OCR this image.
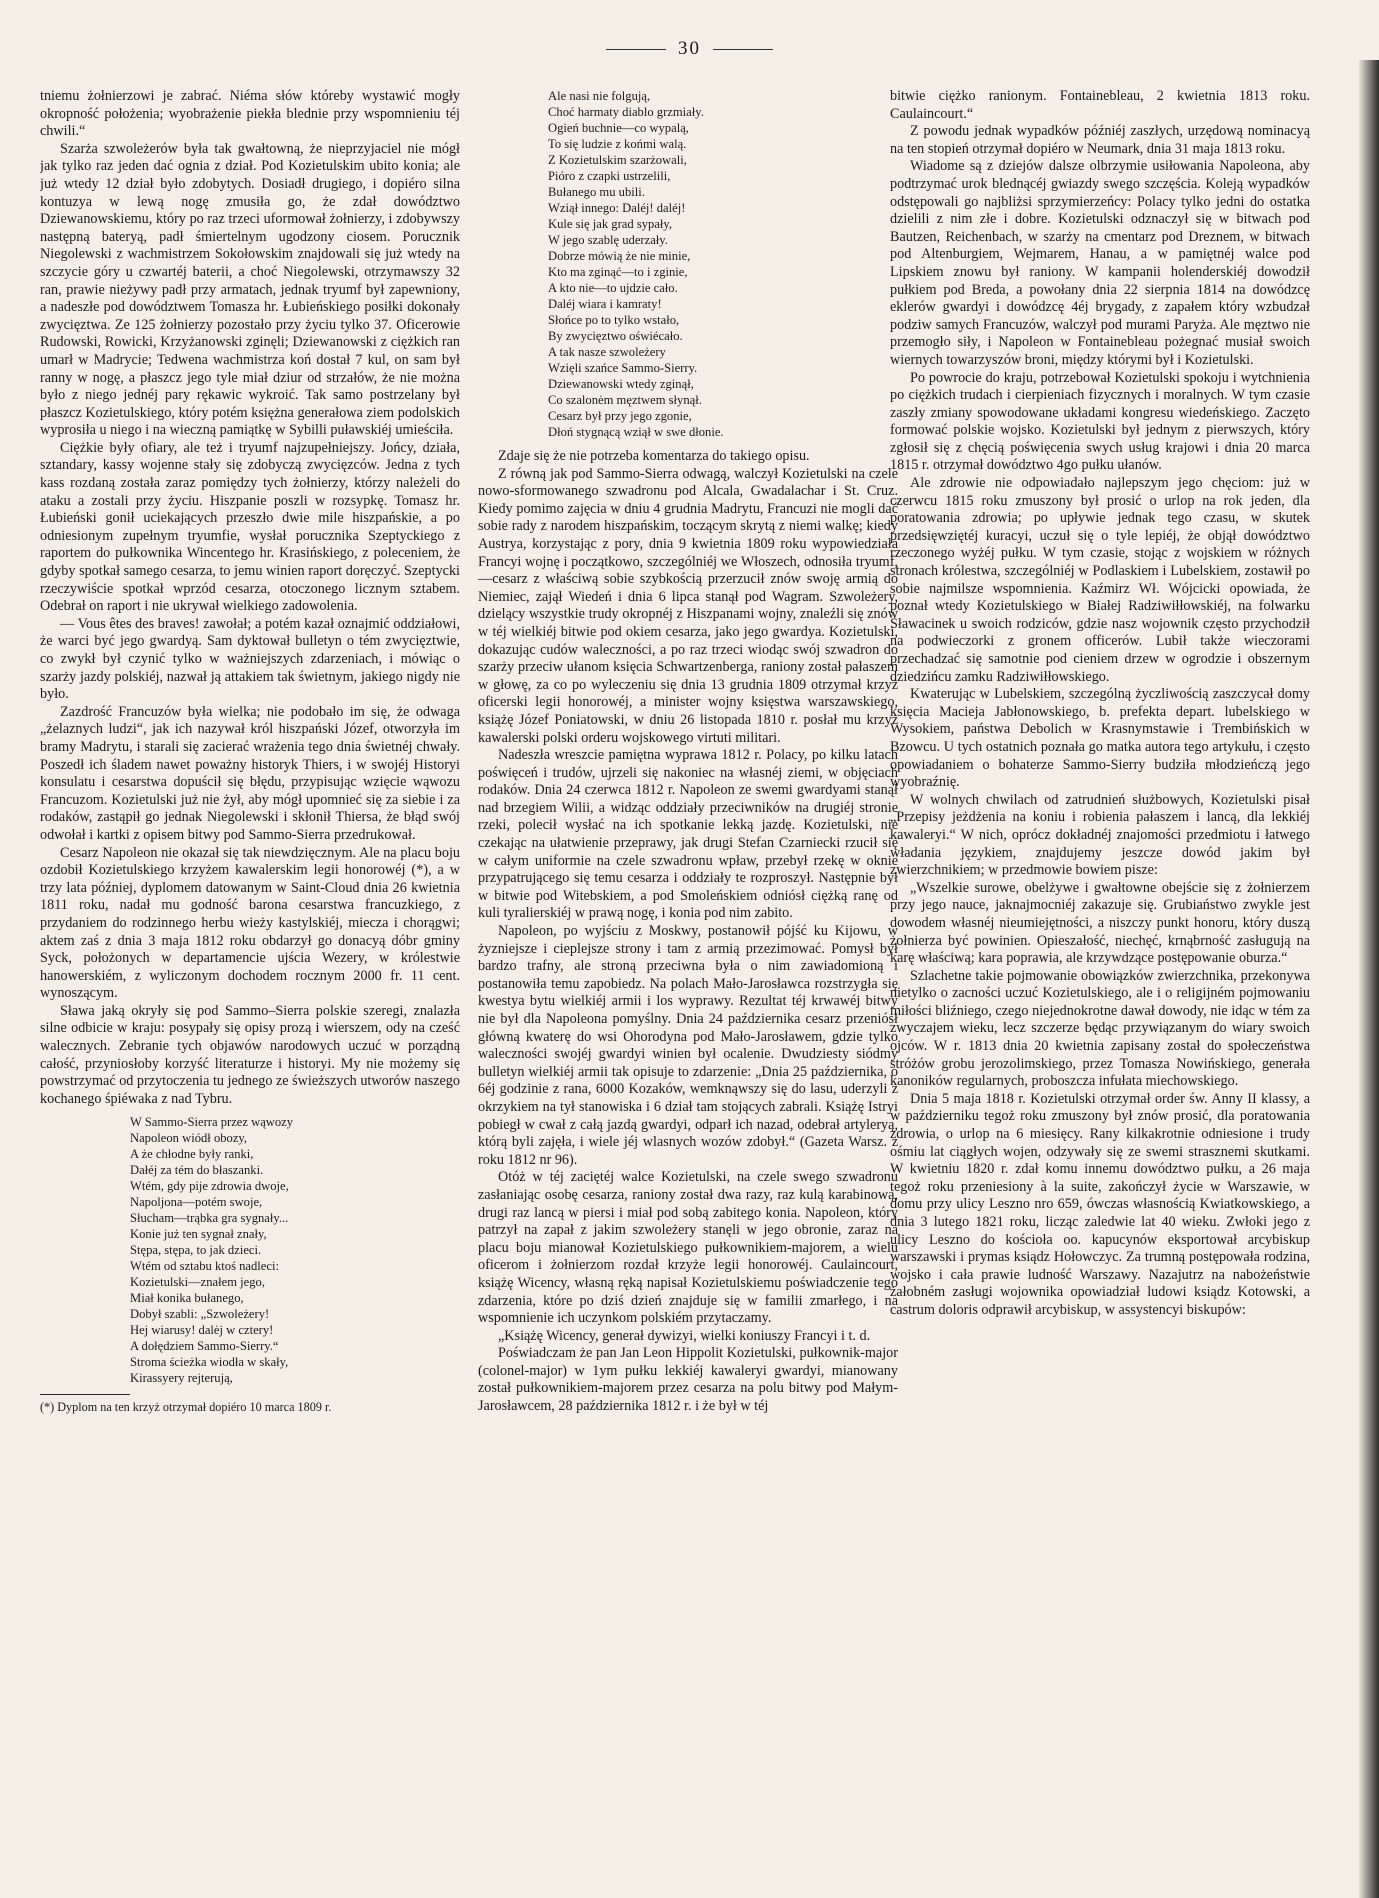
30

tniemu żołnierzowi je zabrać. Niéma słów któreby wystawić mogły okropność położenia; wyobrażenie piekła blednie przy wspomnieniu téj chwili.“

Szarża szwoleżerów była tak gwałtowną, że nieprzyjaciel nie mógł jak tylko raz jeden dać ognia z dział. Pod Kozietulskim ubito konia; ale już wtedy 12 dział było zdobytych. Dosiadł drugiego, i dopiéro silna kontuzya w lewą nogę zmusiła go, że zdał dowództwo Dziewanowskiemu, który po raz trzeci uformował żołnierzy, i zdobywszy następną bateryą, padł śmiertelnym ugodzony ciosem. Porucznik Niegolewski z wachmistrzem Sokołowskim znajdowali się już wtedy na szczycie góry u czwartéj baterii, a choć Niegolewski, otrzymawszy 32 ran, prawie nieżywy padł przy armatach, jednak tryumf był zapewniony, a nadeszłe pod dowództwem Tomasza hr. Łubieńskiego posiłki dokonały zwycięztwa. Ze 125 żołnierzy pozostało przy życiu tylko 37. Oficerowie Rudowski, Rowicki, Krzyżanowski zginęli; Dziewanowski z ciężkich ran umarł w Madrycie; Tedwena wachmistrza koń dostał 7 kul, on sam był ranny w nogę, a płaszcz jego tyle miał dziur od strzałów, że nie można było z niego jednéj pary rękawic wykroić. Tak samo postrzelany był płaszcz Kozietulskiego, który potém księżna generałowa ziem podolskich wyprosiła u niego i na wieczną pamiątkę w Sybilli puławskiéj umieściła.

Ciężkie były ofiary, ale też i tryumf najzupełniejszy. Jońcy, działa, sztandary, kassy wojenne stały się zdobyczą zwycięzców. Jedna z tych kass rozdaną została zaraz pomiędzy tych żołnierzy, którzy należeli do ataku a zostali przy życiu. Hiszpanie poszli w rozsypkę. Tomasz hr. Łubieński gonił uciekających przeszło dwie mile hiszpańskie, a po odniesionym zupełnym tryumfie, wysłał porucznika Szeptyckiego z raportem do pułkownika Wincentego hr. Krasińskiego, z poleceniem, że gdyby spotkał samego cesarza, to jemu winien raport doręczyć. Szeptycki rzeczywiście spotkał wprzód cesarza, otoczonego licznym sztabem. Odebrał on raport i nie ukrywał wielkiego zadowolenia.

— Vous êtes des braves! zawołał; a potém kazał oznajmić oddziałowi, że warci być jego gwardyą. Sam dyktował bulletyn o tém zwycięztwie, co zwykł był czynić tylko w ważniejszych zdarzeniach, i mówiąc o szarży jazdy polskiéj, nazwał ją attakiem tak świetnym, jakiego nigdy nie było.

Zazdrość Francuzów była wielka; nie podobało im się, że odwaga „żelaznych ludzi“, jak ich nazywał król hiszpański Józef, otworzyła im bramy Madrytu, i starali się zacierać wrażenia tego dnia świetnéj chwały. Poszedł ich śladem nawet poważny historyk Thiers, i w swojéj Historyi konsulatu i cesarstwa dopuścił się błędu, przypisując wzięcie wąwozu Francuzom. Kozietulski już nie żył, aby mógł upomnieć się za siebie i za rodaków, zastąpił go jednak Niegolewski i skłonił Thiersa, że błąd swój odwołał i kartki z opisem bitwy pod Sammo-Sierra przedrukował.

Cesarz Napoleon nie okazał się tak niewdzięcznym. Ale na placu boju ozdobił Kozietulskiego krzyżem kawalerskim legii honorowéj (*), a w trzy lata później, dyplomem datowanym w Saint-Cloud dnia 26 kwietnia 1811 roku, nadał mu godność barona cesarstwa francuzkiego, z przydaniem do rodzinnego herbu wieży kastylskiéj, miecza i chorągwi; aktem zaś z dnia 3 maja 1812 roku obdarzył go donacyą dóbr gminy Syck, położonych w departamencie ujścia Wezery, w królestwie hanowerskiém, z wyliczonym dochodem rocznym 2000 fr. 11 cent. wynoszącym.

Sława jaką okryły się pod Sammo–Sierra polskie szeregi, znalazła silne odbicie w kraju: posypały się opisy prozą i wierszem, ody na cześć walecznych. Zebranie tych objawów narodowych uczuć w porządną całość, przyniosłoby korzyść literaturze i historyi. My nie możemy się powstrzymać od przytoczenia tu jednego ze świeższych utworów naszego kochanego śpiéwaka z nad Tybru.

W Sammo-Sierra przez wąwozy
Napoleon wiódł obozy,
A że chłodne były ranki,
Dałéj za tém do błaszanki.
Wtém, gdy pije zdrowia dwoje,
Napoljona—potém swoje,
Słucham—trąbka gra sygnały...
Konie już ten sygnał znały,
Stępa, stępa, to jak dzieci.
Wtém od sztabu ktoś nadleci:
Kozietulski—znałem jego,
Miał konika bułanego,
Dobył szabli: „Szwoleżery!
Hej wiarusy! dalėj w cztery!
A dołędziem Sammo-Sierry.“
Stroma ścieżka wiodła w skały,
Kirassyery rejterują,

(*) Dyplom na ten krzyż otrzymał dopiéro 10 marca 1809 r.

Ale nasi nie folgują,
Choć harmaty diablo grzmiały.
Ogień buchnie—co wypalą,
To się ludzie z końmi walą.
Z Kozietulskim szarżowali,
Pióro z czapki ustrzelili,
Bułanego mu ubili.
Wziął innego: Daléj! daléj!
Kule się jak grad sypały,
W jego szablę uderzały.
Dobrze mówią że nie minie,
Kto ma zginąć—to i zginie,
A kto nie—to ujdzie cało.
Daléj wiara i kamraty!
Słońce po to tylko wstało,
By zwycięztwo oświécało.
A tak nasze szwoleżery
Wzięli szańce Sammo-Sierry.
Dziewanowski wtedy zginął,
Co szalonėm męztwem słynął.
Cesarz był przy jego zgonie,
Dłoń stygnącą wziął w swe dłonie.

Zdaje się że nie potrzeba komentarza do takiego opisu.

Z równą jak pod Sammo-Sierra odwagą, walczył Kozietulski na czele nowo-sformowanego szwadronu pod Alcala, Gwadalachar i St. Cruz. Kiedy pomimo zajęcia w dniu 4 grudnia Madrytu, Francuzi nie mogli dać sobie rady z narodem hiszpańskim, toczącym skrytą z niemi walkę; kiedy Austrya, korzystając z pory, dnia 9 kwietnia 1809 roku wypowiedziała Francyi wojnę i początkowo, szczególniéj we Włoszech, odnosiła tryumf,—cesarz z właściwą sobie szybkością przerzucił znów swoję armią do Niemiec, zajął Wiedeń i dnia 6 lipca stanął pod Wagram. Szwoleżery, dzielący wszystkie trudy okropnéj z Hiszpanami wojny, znaleźli się znów w téj wielkiéj bitwie pod okiem cesarza, jako jego gwardya. Kozietulski, dokazując cudów waleczności, a po raz trzeci wiodąc swój szwadron do szarży przeciw ułanom księcia Schwartzenberga, raniony został pałaszem w głowę, za co po wyleczeniu się dnia 13 grudnia 1809 otrzymał krzyż oficerski legii honorowéj, a minister wojny księstwa warszawskiego, książę Józef Poniatowski, w dniu 26 listopada 1810 r. posłał mu krzyż kawalerski polski orderu wojskowego virtuti militari.

Nadeszła wreszcie pamiętna wyprawa 1812 r. Polacy, po kilku latach poświęceń i trudów, ujrzeli się nakoniec na własnéj ziemi, w objęciach rodaków. Dnia 24 czerwca 1812 r. Napoleon ze swemi gwardyami stanął nad brzegiem Wilii, a widząc oddziały przeciwników na drugiéj stronie rzeki, polecił wysłać na ich spotkanie lekką jazdę. Kozietulski, nie czekając na ułatwienie przeprawy, jak drugi Stefan Czarniecki rzucił się w całym uniformie na czele szwadronu wpław, przebył rzekę w oknie przypatrującego się temu cesarza i oddziały te rozproszył. Następnie był w bitwie pod Witebskiem, a pod Smoleńskiem odniósł ciężką ranę od kuli tyralierskiéj w prawą nogę, i konia pod nim zabito.

Napoleon, po wyjściu z Moskwy, postanowił pójść ku Kijowu, w żyzniejsze i cieplejsze strony i tam z armią przezimować. Pomysł był bardzo trafny, ale stroną przeciwna była o nim zawiadomioną i postanowiła temu zapobiedz. Na polach Mało-Jarosławca rozstrzygła się kwestya bytu wielkiéj armii i los wyprawy. Rezultat téj krwawéj bitwy nie był dla Napoleona pomyślny. Dnia 24 października cesarz przeniósł główną kwaterę do wsi Ohorodyna pod Mało-Jarosławem, gdzie tylko waleczności swojéj gwardyi winien był ocalenie. Dwudziesty siódmy bulletyn wielkiéj armii tak opisuje to zdarzenie: „Dnia 25 października, o 6éj godzinie z rana, 6000 Kozaków, wemknąwszy się do lasu, uderzyli z okrzykiem na tył stanowiska i 6 dział tam stojących zabrali. Książę Istryi pobiegł w cwał z całą jazdą gwardyi, odparł ich nazad, odebrał artyleryą, którą byli zajęła, i wiele jéj wlasnych wozów zdobył.“ (Gazeta Warsz. z roku 1812 nr 96).

Otóż w téj zaciętéj walce Kozietulski, na czele swego szwadronu zasłaniając osobę cesarza, raniony został dwa razy, raz kulą karabinową, drugi raz lancą w piersi i miał pod sobą zabitego konia. Napoleon, który patrzył na zapał z jakim szwoleżery stanęli w jego obronie, zaraz na placu boju mianował Kozietulskiego pułkownikiem-majorem, a wielu oficerom i żołnierzom rozdał krzyże legii honorowéj. Caulaincourt, książę Wicency, własną ręką napisał Kozietulskiemu poświadczenie tego zdarzenia, które po dziś dzień znajduje się w familii zmarłego, i na wspomnienie ich uczynkom polskiém przytaczamy.

„Książę Wicency, generał dywizyi, wielki koniuszy Francyi i t. d.

Poświadczam że pan Jan Leon Hippolit Kozietulski, pułkownik-major (colonel-major) w 1ym pułku lekkiéj kawaleryi gwardyi, mianowany został pułkownikiem-majorem przez cesarza na polu bitwy pod Małym-Jarosławcem, 28 października 1812 r. i że był w téj

bitwie ciężko ranionym. Fontainebleau, 2 kwietnia 1813 roku. Caulaincourt.“

Z powodu jednak wypadków późniéj zaszłych, urzędową nominacyą na ten stopień otrzymał dopiéro w Neumark, dnia 31 maja 1813 roku.

Wiadome są z dziejów dalsze olbrzymie usiłowania Napoleona, aby podtrzymać urok blednącéj gwiazdy swego szczęścia. Koleją wypadków odstępowali go najbliżsi sprzymierzeńcy: Polacy tylko jedni do ostatka dzielili z nim złe i dobre. Kozietulski odznaczył się w bitwach pod Bautzen, Reichenbach, w szarży na cmentarz pod Dreznem, w bitwach pod Altenburgiem, Wejmarem, Hanau, a w pamiętnéj walce pod Lipskiem znowu był raniony. W kampanii holenderskiéj dowodził pułkiem pod Breda, a powołany dnia 22 sierpnia 1814 na dowódzcę eklerów gwardyi i dowódzcę 4éj brygady, z zapałem który wzbudzał podziw samych Francuzów, walczył pod murami Paryża. Ale męztwo nie przemogło siły, i Napoleon w Fontainebleau pożegnać musiał swoich wiernych towarzyszów broni, między którymi był i Kozietulski.

Po powrocie do kraju, potrzebował Kozietulski spokoju i wytchnienia po ciężkich trudach i cierpieniach fizycznych i moralnych. W tym czasie zaszły zmiany spowodowane układami kongresu wiedeńskiego. Zaczęto formować polskie wojsko. Kozietulski był jednym z pierwszych, który zgłosił się z chęcią poświęcenia swych usług krajowi i dnia 20 marca 1815 r. otrzymał dowództwo 4go pułku ułanów.

Ale zdrowie nie odpowiadało najlepszym jego chęciom: już w czerwcu 1815 roku zmuszony był prosić o urlop na rok jeden, dla poratowania zdrowia; po upływie jednak tego czasu, w skutek przedsięwziętéj kuracyi, uczuł się o tyle lepiéj, że objął dowództwo rzeczonego wyżéj pułku. W tym czasie, stojąc z wojskiem w różnych stronach królestwa, szczególniéj w Podlaskiem i Lubelskiem, zostawił po sobie najmilsze wspomnienia. Kaźmirz Wł. Wójcicki opowiada, że poznał wtedy Kozietulskiego w Białej Radziwiłłowskiéj, na folwarku Sławacinek u swoich rodziców, gdzie nasz wojownik często przychodził na podwieczorki z gronem officerów. Lubił także wieczorami przechadzać się samotnie pod cieniem drzew w ogrodzie i obszernym dziedzińcu zamku Radziwiłłowskiego.

Kwaterując w Lubelskiem, szczególną życzliwością zaszczycał domy księcia Macieja Jabłonowskiego, b. prefekta depart. lubelskiego w Wysokiem, państwa Debolich w Krasnymstawie i Trembińskich w Bzowcu. U tych ostatnich poznała go matka autora tego artykułu, i często opowiadaniem o bohaterze Sammo-Sierry budziła młodzieńczą jego wyobraźnię.

W wolnych chwilach od zatrudnień służbowych, Kozietulski pisał „Przepisy jeżdżenia na koniu i robienia pałaszem i lancą, dla lekkiéj kawaleryi.“ W nich, oprócz dokładnéj znajomości przedmiotu i łatwego władania językiem, znajdujemy jeszcze dowód jakim był zwierzchnikiem; w przedmowie bowiem pisze:

„Wszelkie surowe, obelżywe i gwałtowne obejście się z żołnierzem przy jego nauce, jaknajmocniéj zakazuje się. Grubiaństwo zwykle jest dowodem własnéj nieumiejętności, a niszczy punkt honoru, który duszą żołnierza być powinien. Opieszałość, niechęć, krnąbrność zasługują na karę właściwą; kara poprawia, ale krzywdzące postępowanie oburza.“

Szlachetne takie pojmowanie obowiązków zwierzchnika, przekonywa nietylko o zacności uczuć Kozietulskiego, ale i o religijném pojmowaniu miłości bliźniego, czego niejednokrotne dawał dowody, nie idąc w tém za zwyczajem wieku, lecz szczerze będąc przywiązanym do wiary swoich ojców. W r. 1813 dnia 20 kwietnia zapisany został do społeczeństwa stróżów grobu jerozolimskiego, przez Tomasza Nowińskiego, generała kanoników regularnych, proboszcza infułata miechowskiego.

Dnia 5 maja 1818 r. Kozietulski otrzymał order św. Anny II klassy, a w październiku tegoż roku zmuszony był znów prosić, dla poratowania zdrowia, o urlop na 6 miesięcy. Rany kilkakrotnie odniesione i trudy ośmiu lat ciągłych wojen, odzywały się ze swemi strasznemi skutkami. W kwietniu 1820 r. zdał komu innemu dowództwo pułku, a 26 maja tegoż roku przeniesiony à la suite, zakończył życie w Warszawie, w domu przy ulicy Leszno nro 659, ówczas własnością Kwiatkowskiego, a dnia 3 lutego 1821 roku, licząc zaledwie lat 40 wieku. Zwłoki jego z ulicy Leszno do kościoła oo. kapucynów eksportował arcybiskup warszawski i prymas ksiądz Hołowczyc. Za trumną postępowała rodzina, wojsko i cała prawie ludność Warszawy. Nazajutrz na nabożeństwie żałobném zasługi wojownika opowiadział ludowi ksiądz Kotowski, a castrum doloris odprawił arcybiskup, w assystencyi biskupów:
